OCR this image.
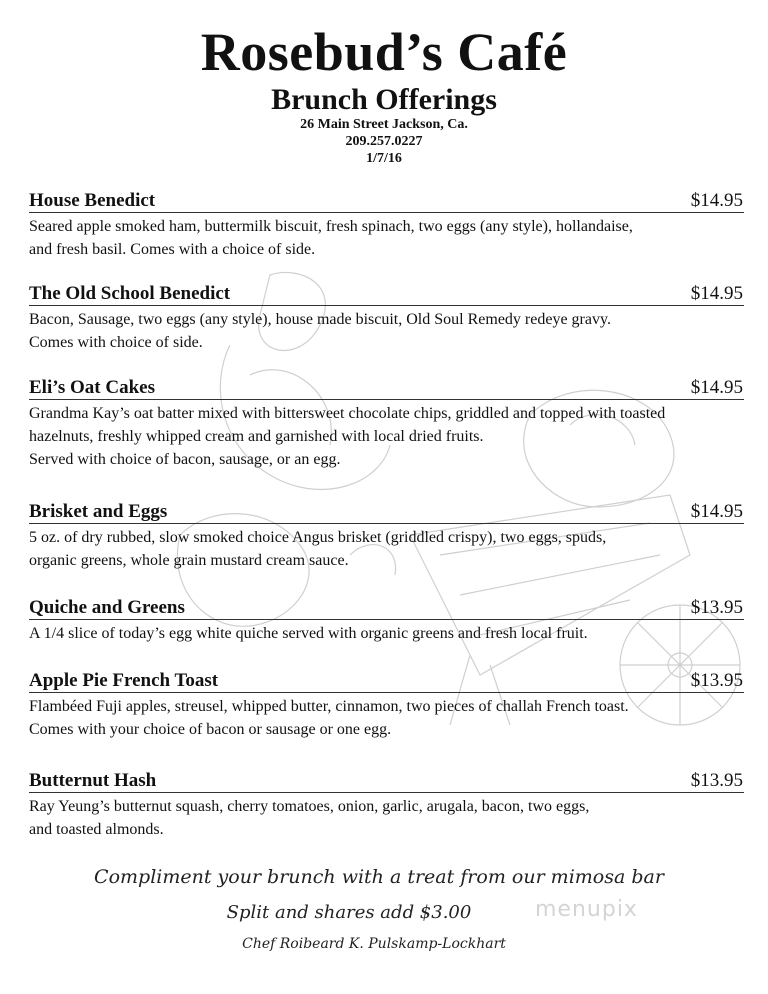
Rosebud’s Café
Brunch Offerings
26 Main Street Jackson, Ca.
209.257.0227
1/7/16
House Benedict	$14.95
Seared apple smoked ham, buttermilk biscuit, fresh spinach, two eggs (any style), hollandaise,
and fresh basil. Comes with a choice of side.
The Old School Benedict	$14.95
Bacon, Sausage, two eggs (any style), house made biscuit, Old Soul Remedy redeye gravy.
Comes with choice of side.
Eli’s Oat Cakes	$14.95
Grandma Kay’s oat batter mixed with bittersweet chocolate chips, griddled and topped with toasted
hazelnuts, freshly whipped cream and garnished with local dried fruits.
Served with choice of bacon, sausage, or an egg.
Brisket and Eggs	$14.95
5 oz. of dry rubbed, slow smoked choice Angus brisket (griddled crispy), two eggs, spuds,
organic greens, whole grain mustard cream sauce.
Quiche and Greens	$13.95
A 1/4 slice of today’s egg white quiche served with organic greens and fresh local fruit.
Apple Pie French Toast	$13.95
Flambéed Fuji apples, streusel, whipped butter, cinnamon, two pieces of challah French toast.
Comes with your choice of bacon or sausage or one egg.
Butternut Hash	$13.95
Ray Yeung’s butternut squash, cherry tomatoes, onion, garlic, arugala, bacon, two eggs,
and toasted almonds.
Compliment your brunch with a treat from our mimosa bar
Split and shares add $3.00
Chef Roibeard K. Pulskamp-Lockhart
menupix
